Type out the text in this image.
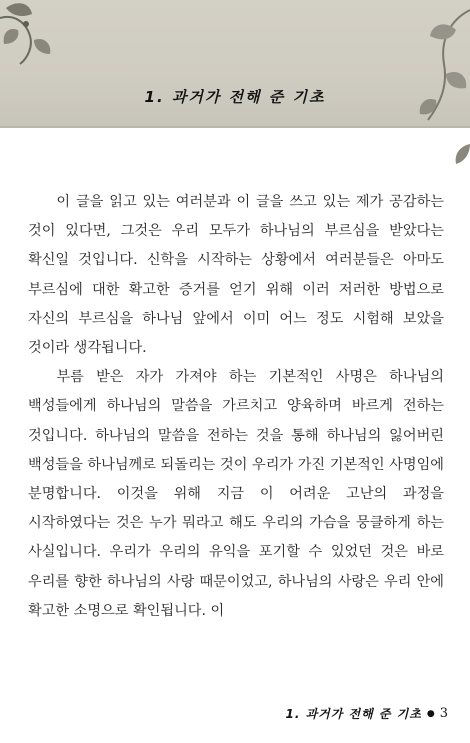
1. 과거가 전해 준 기초

이 글을 읽고 있는 여러분과 이 글을 쓰고 있는 제가 공감하는 것이 있다면, 그것은 우리 모두가 하나님의 부르심을 받았다는 확신일 것입니다. 신학을 시작하는 상황에서 여러분들은 아마도 부르심에 대한 확고한 증거를 얻기 위해 이러 저러한 방법으로 자신의 부르심을 하나님 앞에서 이미 어느 정도 시험해 보았을 것이라 생각됩니다.

부름 받은 자가 가져야 하는 기본적인 사명은 하나님의 백성들에게 하나님의 말씀을 가르치고 양육하며 바르게 전하는 것입니다. 하나님의 말씀을 전하는 것을 통해 하나님의 잃어버린 백성들을 하나님께로 되돌리는 것이 우리가 가진 기본적인 사명임에 분명합니다. 이것을 위해 지금 이 어려운 고난의 과정을 시작하였다는 것은 누가 뭐라고 해도 우리의 가슴을 뭉클하게 하는 사실입니다. 우리가 우리의 유익을 포기할 수 있었던 것은 바로 우리를 향한 하나님의 사랑 때문이었고, 하나님의 사랑은 우리 안에 확고한 소명으로 확인됩니다. 이

1. 과거가 전해 준 기초 ● 3
